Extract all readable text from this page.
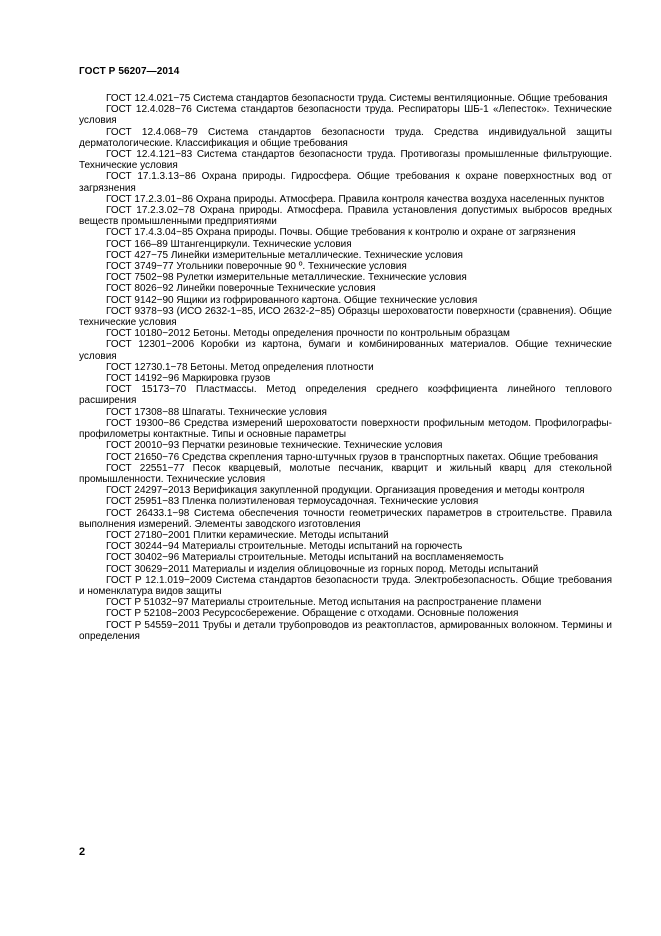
ГОСТ Р 56207—2014

ГОСТ 12.4.021−75 Система стандартов безопасности труда. Системы вентиляционные. Общие требования

ГОСТ 12.4.028−76 Система стандартов безопасности труда. Респираторы ШБ-1 «Лепесток». Технические условия

ГОСТ 12.4.068−79 Система стандартов безопасности труда. Средства индивидуальной защиты дерматологические. Классификация и общие требования

ГОСТ 12.4.121−83 Система стандартов безопасности труда. Противогазы промышленные фильтрующие. Технические условия

ГОСТ 17.1.3.13−86 Охрана природы. Гидросфера. Общие требования к охране поверхностных вод от загрязнения

ГОСТ 17.2.3.01−86 Охрана природы. Атмосфера. Правила контроля качества воздуха населенных пунктов

ГОСТ 17.2.3.02−78 Охрана природы. Атмосфера. Правила установления допустимых выбросов вредных веществ промышленными предприятиями

ГОСТ 17.4.3.04−85 Охрана природы. Почвы. Общие требования к контролю и охране от загрязнения

ГОСТ 166–89 Штангенциркули. Технические условия

ГОСТ 427−75 Линейки измерительные металлические. Технические условия

ГОСТ 3749−77 Угольники поверочные 90 º. Технические условия

ГОСТ 7502−98 Рулетки измерительные металлические. Технические условия

ГОСТ 8026−92 Линейки поверочные Технические условия

ГОСТ 9142−90 Ящики из гофрированного картона. Общие технические условия

ГОСТ 9378−93 (ИСО 2632-1−85, ИСО 2632-2−85) Образцы шероховатости поверхности (сравнения). Общие технические условия

ГОСТ 10180−2012 Бетоны. Методы определения прочности по контрольным образцам

ГОСТ 12301−2006 Коробки из картона, бумаги и комбинированных материалов. Общие технические условия

ГОСТ 12730.1−78 Бетоны. Метод определения плотности

ГОСТ 14192−96 Маркировка грузов

ГОСТ 15173−70 Пластмассы. Метод определения среднего коэффициента линейного теплового расширения

ГОСТ 17308−88 Шпагаты. Технические условия

ГОСТ 19300−86 Средства измерений шероховатости поверхности профильным методом. Профилографы-профилометры контактные. Типы и основные параметры

ГОСТ 20010−93 Перчатки резиновые технические. Технические условия

ГОСТ 21650−76 Средства скрепления тарно-штучных грузов в транспортных пакетах. Общие требования

ГОСТ 22551−77 Песок кварцевый, молотые песчаник, кварцит и жильный кварц для стекольной промышленности. Технические условия

ГОСТ 24297−2013 Верификация закупленной продукции. Организация проведения и методы контроля

ГОСТ 25951−83 Пленка полиэтиленовая термоусадочная. Технические условия

ГОСТ 26433.1−98 Система обеспечения точности геометрических параметров в строительстве. Правила выполнения измерений. Элементы заводского изготовления

ГОСТ 27180−2001 Плитки керамические. Методы испытаний

ГОСТ 30244−94 Материалы строительные. Методы испытаний на горючесть

ГОСТ 30402−96 Материалы строительные. Методы испытаний на воспламеняемость

ГОСТ 30629−2011 Материалы и изделия облицовочные из горных пород. Методы испытаний

ГОСТ Р 12.1.019−2009 Система стандартов безопасности труда. Электробезопасность. Общие требования и номенклатура видов защиты

ГОСТ Р 51032−97 Материалы строительные. Метод испытания на распространение пламени

ГОСТ Р 52108−2003 Ресурсосбережение. Обращение с отходами. Основные положения

ГОСТ Р 54559−2011 Трубы и детали трубопроводов из реактопластов, армированных волокном. Термины и определения

2
